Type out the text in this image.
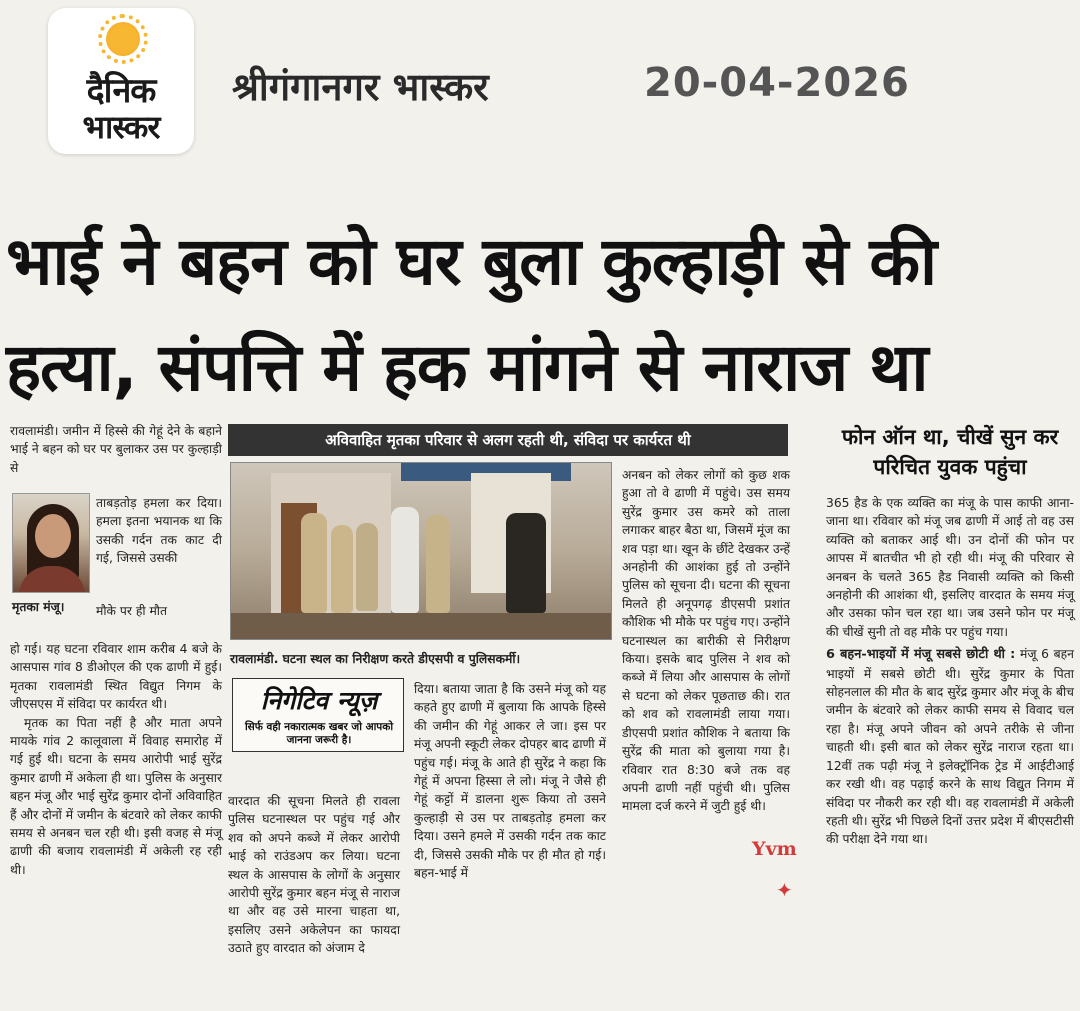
दैनिक
भास्कर
श्रीगंगानगर भास्कर	20-04-2026
भाई ने बहन को घर बुला कुल्हाड़ी से की
हत्या, संपत्ति में हक मांगने से नाराज था
रावलामंडी। जमीन में हिस्से की गेहूं देने के बहाने भाई ने बहन को घर पर बुलाकर उस पर कुल्हाड़ी से
ताबड़तोड़ हमला कर दिया। हमला इतना भयानक था कि उसकी गर्दन तक काट दी गई, जिससे उसकी
मृतका मंजू।	मौके पर ही मौत

हो गई। यह घटना रविवार शाम करीब 4 बजे के आसपास गांव 8 डीओएल की एक ढाणी में हुई। मृतका रावलामंडी स्थित विद्युत निगम के जीएसएस में संविदा पर कार्यरत थी।

मृतक का पिता नहीं है और माता अपने मायके गांव 2 कालूवाला में विवाह समारोह में गई हुई थी। घटना के समय आरोपी भाई सुरेंद्र कुमार ढाणी में अकेला ही था। पुलिस के अनुसार बहन मंजू और भाई सुरेंद्र कुमार दोनों अविवाहित हैं और दोनों में जमीन के बंटवारे को लेकर काफी समय से अनबन चल रही थी। इसी वजह से मंजू ढाणी की बजाय रावलामंडी में अकेली रह रही थी।

अविवाहित मृतका परिवार से अलग रहती थी, संविदा पर कार्यरत थी
रावलामंडी. घटना स्थल का निरीक्षण करते डीएसपी व पुलिसकर्मी।
अनबन को लेकर लोगों को कुछ शक हुआ तो वे ढाणी में पहुंचे। उस समय सुरेंद्र कुमार उस कमरे को ताला लगाकर बाहर बैठा था, जिसमें मूंज का शव पड़ा था। खून के छींटे देखकर उन्हें अनहोनी की आशंका हुई तो उन्होंने पुलिस को सूचना दी। घटना की सूचना मिलते ही अनूपगढ़ डीएसपी प्रशांत कौशिक भी मौके पर पहुंच गए। उन्होंने घटनास्थल का बारीकी से निरीक्षण किया। इसके बाद पुलिस ने शव को कब्जे में लिया और आसपास के लोगों से घटना को लेकर पूछताछ की। रात को शव को रावलामंडी लाया गया। डीएसपी प्रशांत कौशिक ने बताया कि सुरेंद्र की माता को बुलाया गया है। रविवार रात 8:30 बजे तक वह अपनी ढाणी नहीं पहुंची थी। पुलिस मामला दर्ज करने में जुटी हुई थी।
निगेटिव न्यूज़
सिर्फ वही नकारात्मक खबर जो आपको जानना जरूरी है।
वारदात की सूचना मिलते ही रावला पुलिस घटनास्थल पर पहुंच गई और शव को अपने कब्जे में लेकर आरोपी भाई को राउंडअप कर लिया। घटना स्थल के आसपास के लोगों के अनुसार आरोपी सुरेंद्र कुमार बहन मंजू से नाराज था और वह उसे मारना चाहता था, इसलिए उसने अकेलेपन का फायदा उठाते हुए वारदात को अंजाम दे
दिया। बताया जाता है कि उसने मंजू को यह कहते हुए ढाणी में बुलाया कि आपके हिस्से की जमीन की गेहूं आकर ले जा। इस पर मंजू अपनी स्कूटी लेकर दोपहर बाद ढाणी में पहुंच गई। मंजू के आते ही सुरेंद्र ने कहा कि गेहूं में अपना हिस्सा ले लो। मंजू ने जैसे ही गेहूं कट्टों में डालना शुरू किया तो उसने कुल्हाड़ी से उस पर ताबड़तोड़ हमला कर दिया। उसने हमले में उसकी गर्दन तक काट दी, जिससे उसकी मौके पर ही मौत हो गई। बहन-भाई में
Yvm
✦
फोन ऑन था, चीखें सुन कर परिचित युवक पहुंचा

365 हैड के एक व्यक्ति का मंजू के पास काफी आना-जाना था। रविवार को मंजू जब ढाणी में आई तो वह उस व्यक्ति को बताकर आई थी। उन दोनों की फोन पर आपस में बातचीत भी हो रही थी। मंजू की परिवार से अनबन के चलते 365 हैड निवासी व्यक्ति को किसी अनहोनी की आशंका थी, इसलिए वारदात के समय मंजू और उसका फोन चल रहा था। जब उसने फोन पर मंजू की चीखें सुनी तो वह मौके पर पहुंच गया।

6 बहन-भाइयों में मंजू सबसे छोटी थी : मंजू 6 बहन भाइयों में सबसे छोटी थी। सुरेंद्र कुमार के पिता सोहनलाल की मौत के बाद सुरेंद्र कुमार और मंजू के बीच जमीन के बंटवारे को लेकर काफी समय से विवाद चल रहा है। मंजू अपने जीवन को अपने तरीके से जीना चाहती थी। इसी बात को लेकर सुरेंद्र नाराज रहता था। 12वीं तक पढ़ी मंजू ने इलेक्ट्रॉनिक ट्रेड में आईटीआई कर रखी थी। वह पढ़ाई करने के साथ विद्युत निगम में संविदा पर नौकरी कर रही थी। वह रावलामंडी में अकेली रहती थी। सुरेंद्र भी पिछले दिनों उत्तर प्रदेश में बीएसटीसी की परीक्षा देने गया था।
